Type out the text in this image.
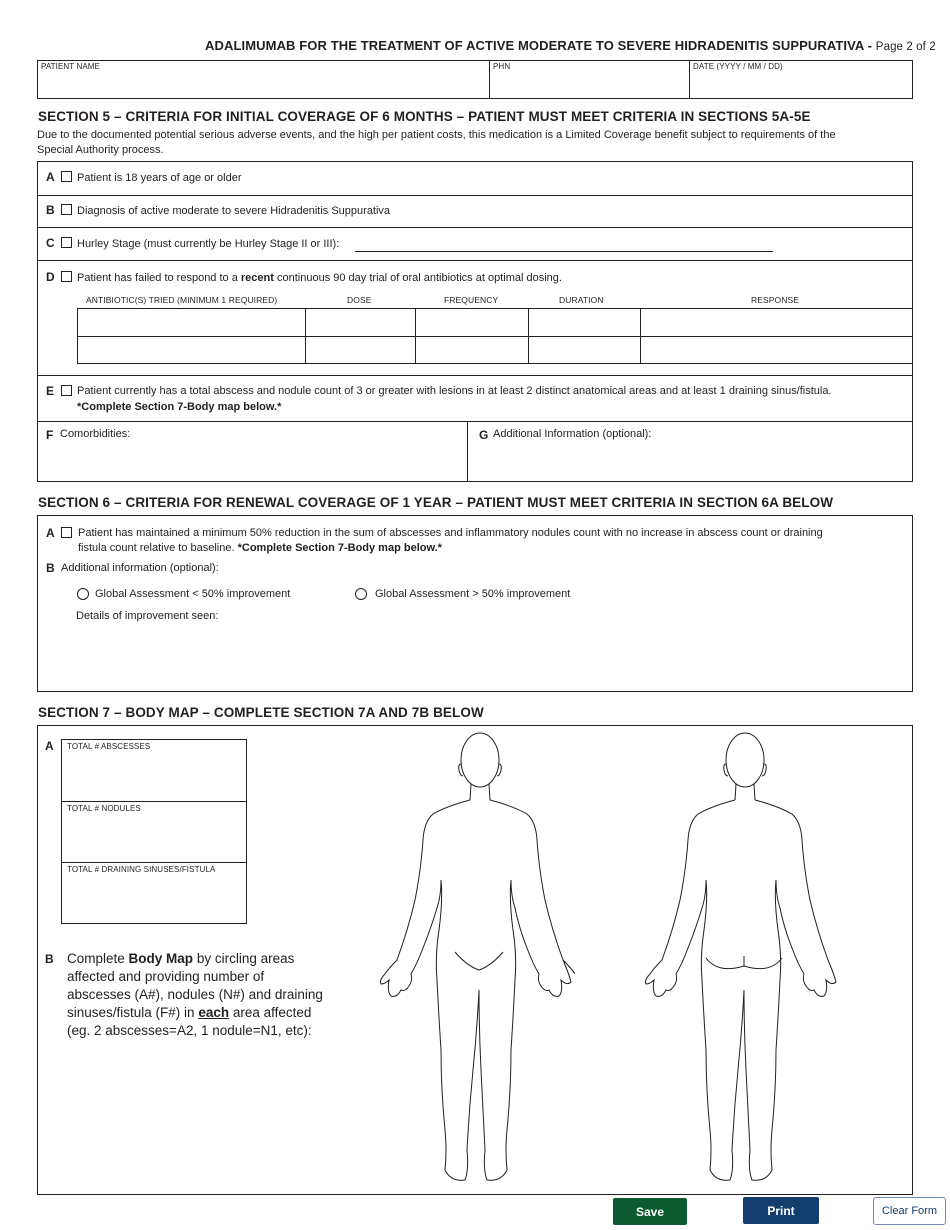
ADALIMUMAB FOR THE TREATMENT OF ACTIVE MODERATE TO SEVERE HIDRADENITIS SUPPURATIVA - Page 2 of 2
PATIENT NAME	PHN	DATE (YYYY / MM / DD)
SECTION 5 – CRITERIA FOR INITIAL COVERAGE OF 6 MONTHS – PATIENT MUST MEET CRITERIA IN SECTIONS 5A-5E
Due to the documented potential serious adverse events, and the high per patient costs, this medication is a Limited Coverage benefit subject to requirements of the
Special Authority process.
A Patient is 18 years of age or older
B Diagnosis of active moderate to severe Hidradenitis Suppurativa
C Hurley Stage (must currently be Hurley Stage II or III):
D Patient has failed to respond to a recent continuous 90 day trial of oral antibiotics at optimal dosing.
ANTIBIOTIC(S) TRIED (MINIMUM 1 REQUIRED)	DOSE	FREQUENCY	DURATION	RESPONSE
E Patient currently has a total abscess and nodule count of 3 or greater with lesions in at least 2 distinct anatomical areas and at least 1 draining sinus/fistula.
*Complete Section 7-Body map below.*
F Comorbidities:	G Additional Information (optional):
SECTION 6 – CRITERIA FOR RENEWAL COVERAGE OF 1 YEAR – PATIENT MUST MEET CRITERIA IN SECTION 6A BELOW
A Patient has maintained a minimum 50% reduction in the sum of abscesses and inflammatory nodules count with no increase in abscess count or draining
fistula count relative to baseline. *Complete Section 7-Body map below.*
B Additional information (optional):
Global Assessment < 50% improvement	Global Assessment > 50% improvement
Details of improvement seen:
SECTION 7 – BODY MAP – COMPLETE SECTION 7A AND 7B BELOW
A TOTAL # ABSCESSES
TOTAL # NODULES
TOTAL # DRAINING SINUSES/FISTULA
B Complete Body Map by circling areas
affected and providing number of
abscesses (A#), nodules (N#) and draining
sinuses/fistula (F#) in each area affected
(eg. 2 abscesses=A2, 1 nodule=N1, etc):
Save	Print	Clear Form
